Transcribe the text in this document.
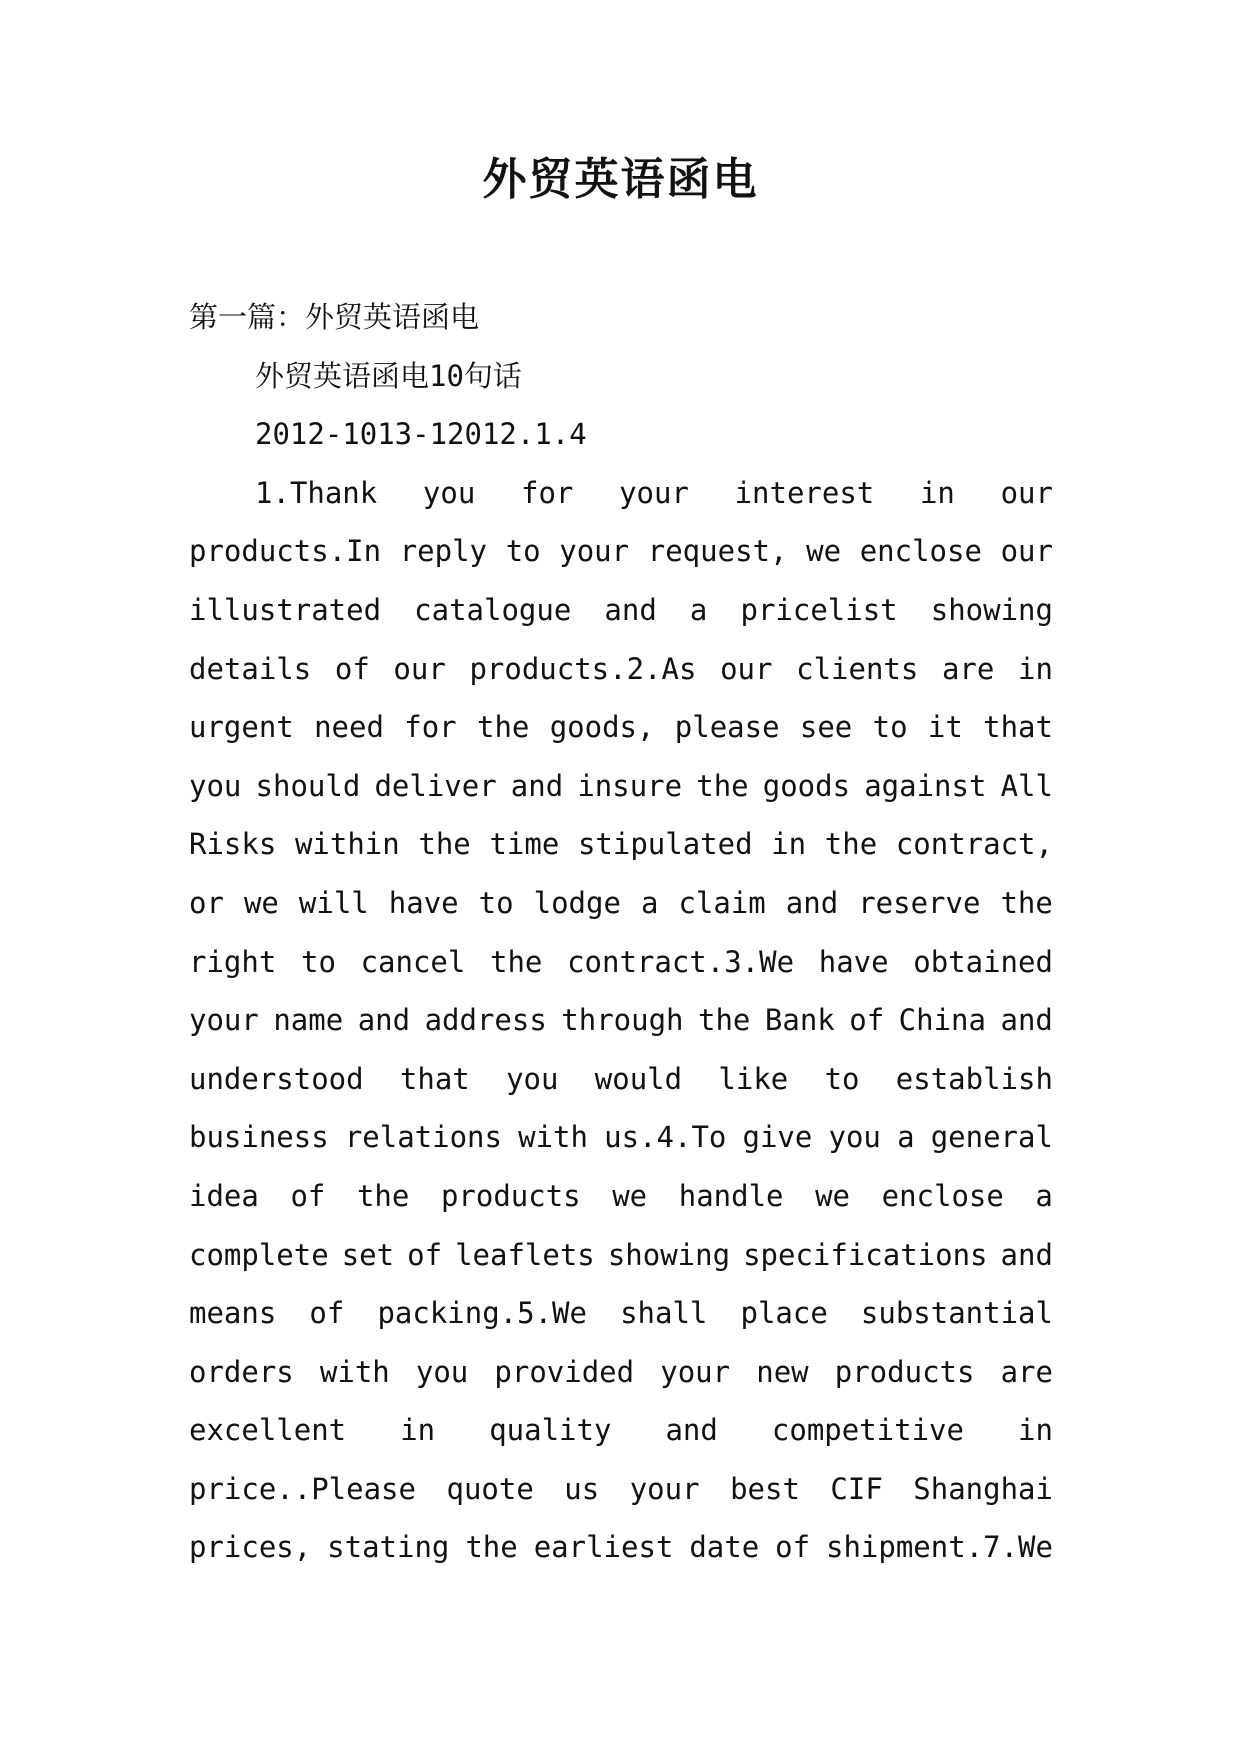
外贸英语函电
第一篇：外贸英语函电
外贸英语函电10句话
2012-1013-12012.1.4
1.Thank you for your interest in our
products.In reply to your request, we enclose our
illustrated catalogue and a pricelist showing
details of our products.2.As our clients are in
urgent need for the goods, please see to it that
you should deliver and insure the goods against All
Risks within the time stipulated in the contract,
or we will have to lodge a claim and reserve the
right to cancel the contract.3.We have obtained
your name and address through the Bank of China and
understood that you would like to establish
business relations with us.4.To give you a general
idea of the products we handle we enclose a
complete set of leaflets showing specifications and
means of packing.5.We shall place substantial
orders with you provided your new products are
excellent in quality and competitive in
price..Please quote us your best CIF Shanghai
prices, stating the earliest date of shipment.7.We
